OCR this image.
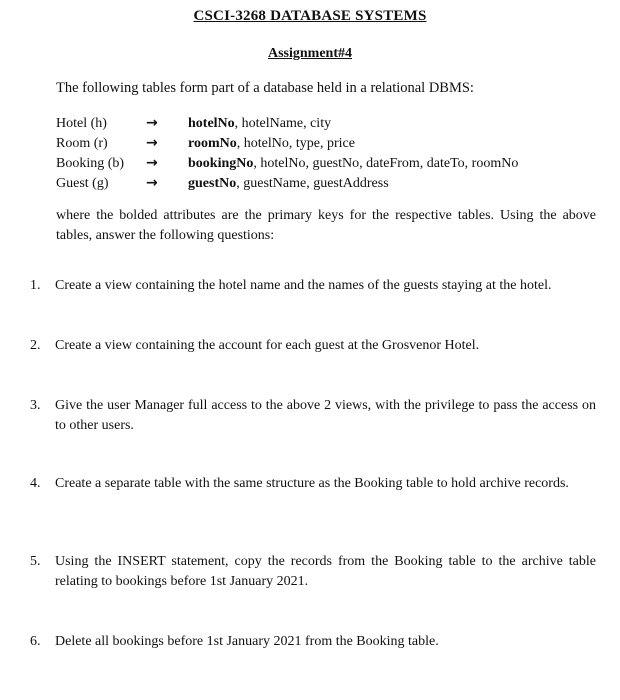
CSCI-3268 DATABASE SYSTEMS
Assignment#4
The following tables form part of a database held in a relational DBMS:
Hotel (h)	→	hotelNo, hotelName, city
Room (r)	→	roomNo, hotelNo, type, price
Booking (b)	→	bookingNo, hotelNo, guestNo, dateFrom, dateTo, roomNo
Guest (g)	→	guestNo, guestName, guestAddress
where the bolded attributes are the primary keys for the respective tables. Using the above tables, answer the following questions:
1. Create a view containing the hotel name and the names of the guests staying at the hotel.
2. Create a view containing the account for each guest at the Grosvenor Hotel.
3. Give the user Manager full access to the above 2 views, with the privilege to pass the access on to other users.
4. Create a separate table with the same structure as the Booking table to hold archive records.
5. Using the INSERT statement, copy the records from the Booking table to the archive table relating to bookings before 1st January 2021.
6. Delete all bookings before 1st January 2021 from the Booking table.
